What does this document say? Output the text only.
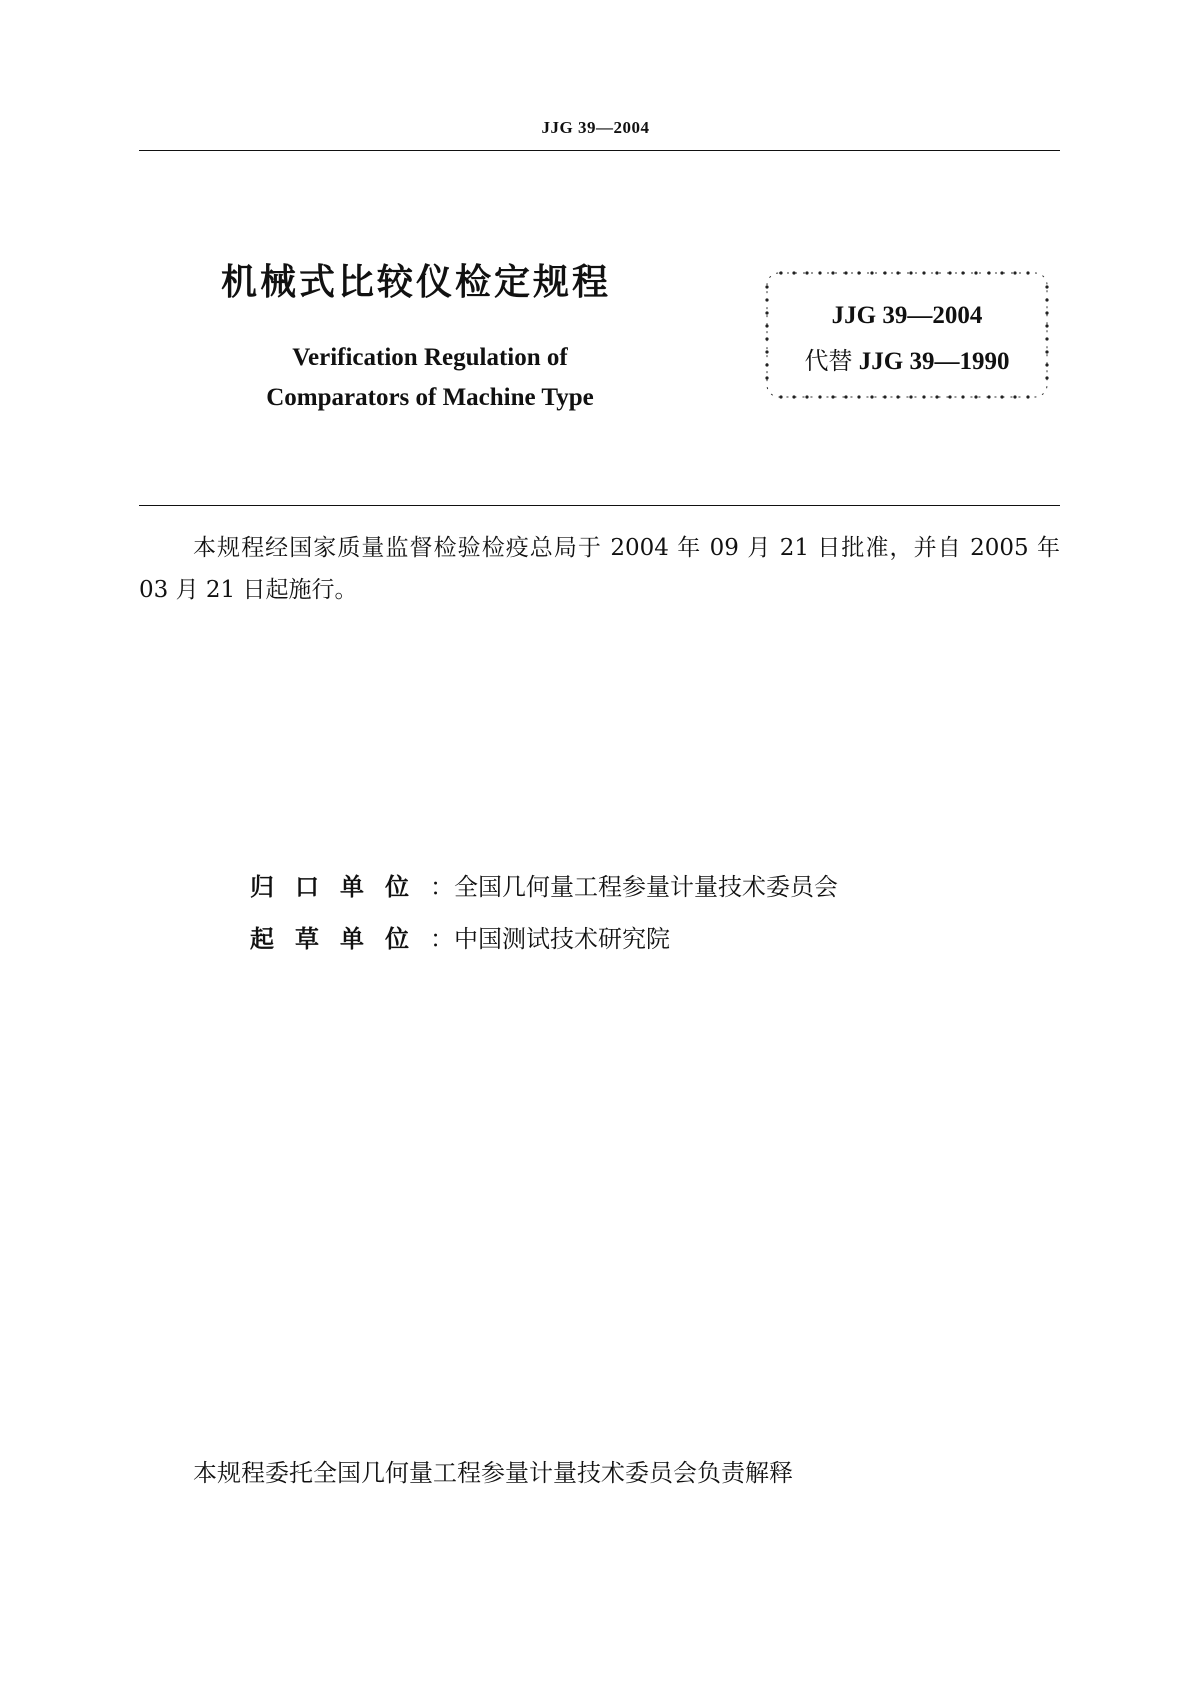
JJG 39—2004
机械式比较仪检定规程
Verification Regulation of
Comparators of Machine Type
JJG 39—2004
代替 JJG 39—1990
本规程经国家质量监督检验检疫总局于 2004 年 09 月 21 日批准，并自 2005 年 03 月 21 日起施行。
归 口 单 位 ：全国几何量工程参量计量技术委员会
起 草 单 位 ：中国测试技术研究院
本规程委托全国几何量工程参量计量技术委员会负责解释
